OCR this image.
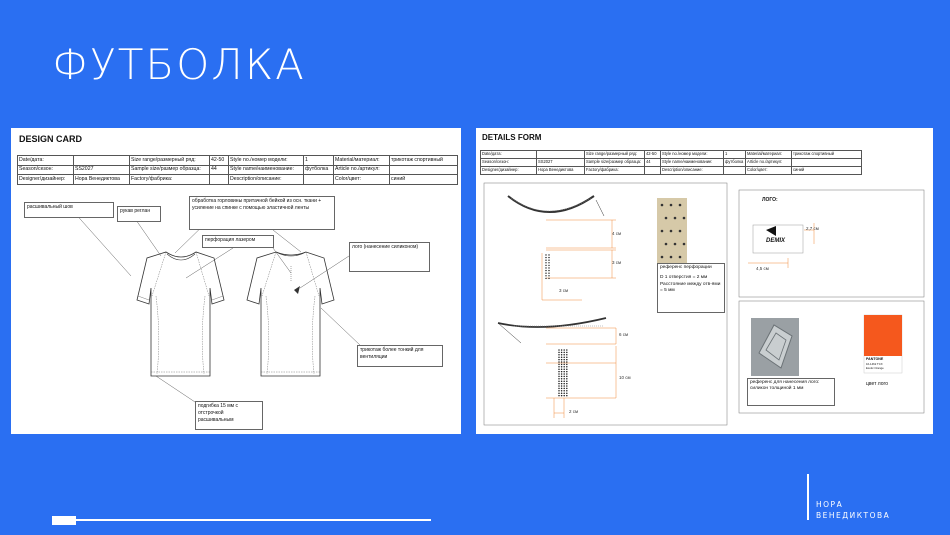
ФУТБОЛКА
DESIGN CARD
Date/дата:		Size range/размерный ряд:	42-50	Style no./номер модели:	1	Material/материал:	трикотаж спортивный
Season/сезон:	SS2027	Sample size/размер образца:	44	Style name/наименование:	футболка	Article no./артикул:	
Designer/дизайнер:	Нора Венедиктова	Factory/фабрика:		Description/описание:		Color/цвет:	синий
расшивальный шов
рукав реглан
обработка горловины притачной бейкой из осн. ткани + усиление на спинке с помощью эластичной ленты
перфорация лазером
лого (нанесение силиконом)
трикотаж более тонкий для вентиляции
подгибка 15 мм с отстрочкой расшивальным
DETAILS FORM
Date/дата:		Size range/размерный ряд:	42-50	Style no./номер модели:	1	Material/материал:	трикотаж спортивный
Season/сезон:	SS2027	Sample size/размер образца:	44	Style name/наименование:	футболка	Article no./артикул:	
Designer/дизайнер:	Нора Венедиктова	Factory/фабрика:		Description/описание:		Color/цвет:	синий
4 см
3 см
3 см
6 см
10 см
2 см
2,7 см
4,5 см
референс перфорации
D 1 отверстия = 2 мм Расстояние между отв-ями = 5 мм
ЛОГО:
DEMIX
референс для нанесения лого: силикон толщиной 1 мм
цвет лого
PANTONE
16-1462 TCX
Exotic Orange
НОРА
ВЕНЕДИКТОВА
